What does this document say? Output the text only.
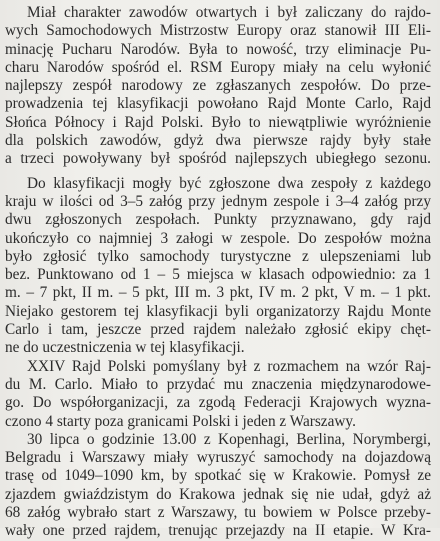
Miał charakter zawodów otwartych i był zaliczany do rajdo-
wych Samochodowych Mistrzostw Europy oraz stanowił III Eli-
minację Pucharu Narodów. Była to nowość, trzy eliminacje Pu-
charu Narodów spośród el. RSM Europy miały na celu wyłonić
najlepszy zespół narodowy ze zgłaszanych zespołów. Do prze-
prowadzenia tej klasyfikacji powołano Rajd Monte Carlo, Rajd
Słońca Północy i Rajd Polski. Było to niewątpliwie wyróżnienie
dla polskich zawodów, gdyż dwa pierwsze rajdy były stałe
a trzeci powoływany był spośród najlepszych ubiegłego sezonu.
Do klasyfikacji mogły być zgłoszone dwa zespoły z każdego
kraju w ilości od 3–5 załóg przy jednym zespole i 3–4 załóg przy
dwu zgłoszonych zespołach. Punkty przyznawano, gdy rajd
ukończyło co najmniej 3 załogi w zespole. Do zespołów można
było zgłosić tylko samochody turystyczne z ulepszeniami lub
bez. Punktowano od 1 – 5 miejsca w klasach odpowiednio: za 1
m. – 7 pkt, II m. – 5 pkt, III m. 3 pkt, IV m. 2 pkt, V m. – 1 pkt.
Niejako gestorem tej klasyfikacji byli organizatorzy Rajdu Monte
Carlo i tam, jeszcze przed rajdem należało zgłosić ekipy chęt-
ne do uczestniczenia w tej klasyfikacji.
XXIV Rajd Polski pomyślany był z rozmachem na wzór Raj-
du M. Carlo. Miało to przydać mu znaczenia międzynarodowe-
go. Do współorganizacji, za zgodą Federacji Krajowych wyzna-
czono 4 starty poza granicami Polski i jeden z Warszawy.
30 lipca o godzinie 13.00 z Kopenhagi, Berlina, Norymbergi,
Belgradu i Warszawy miały wyruszyć samochody na dojazdową
trasę od 1049–1090 km, by spotkać się w Krakowie. Pomysł ze
zjazdem gwiaździstym do Krakowa jednak się nie udał, gdyż aż
68 załóg wybrało start z Warszawy, tu bowiem w Polsce przeby-
wały one przed rajdem, trenując przejazdy na II etapie. W Kra-
